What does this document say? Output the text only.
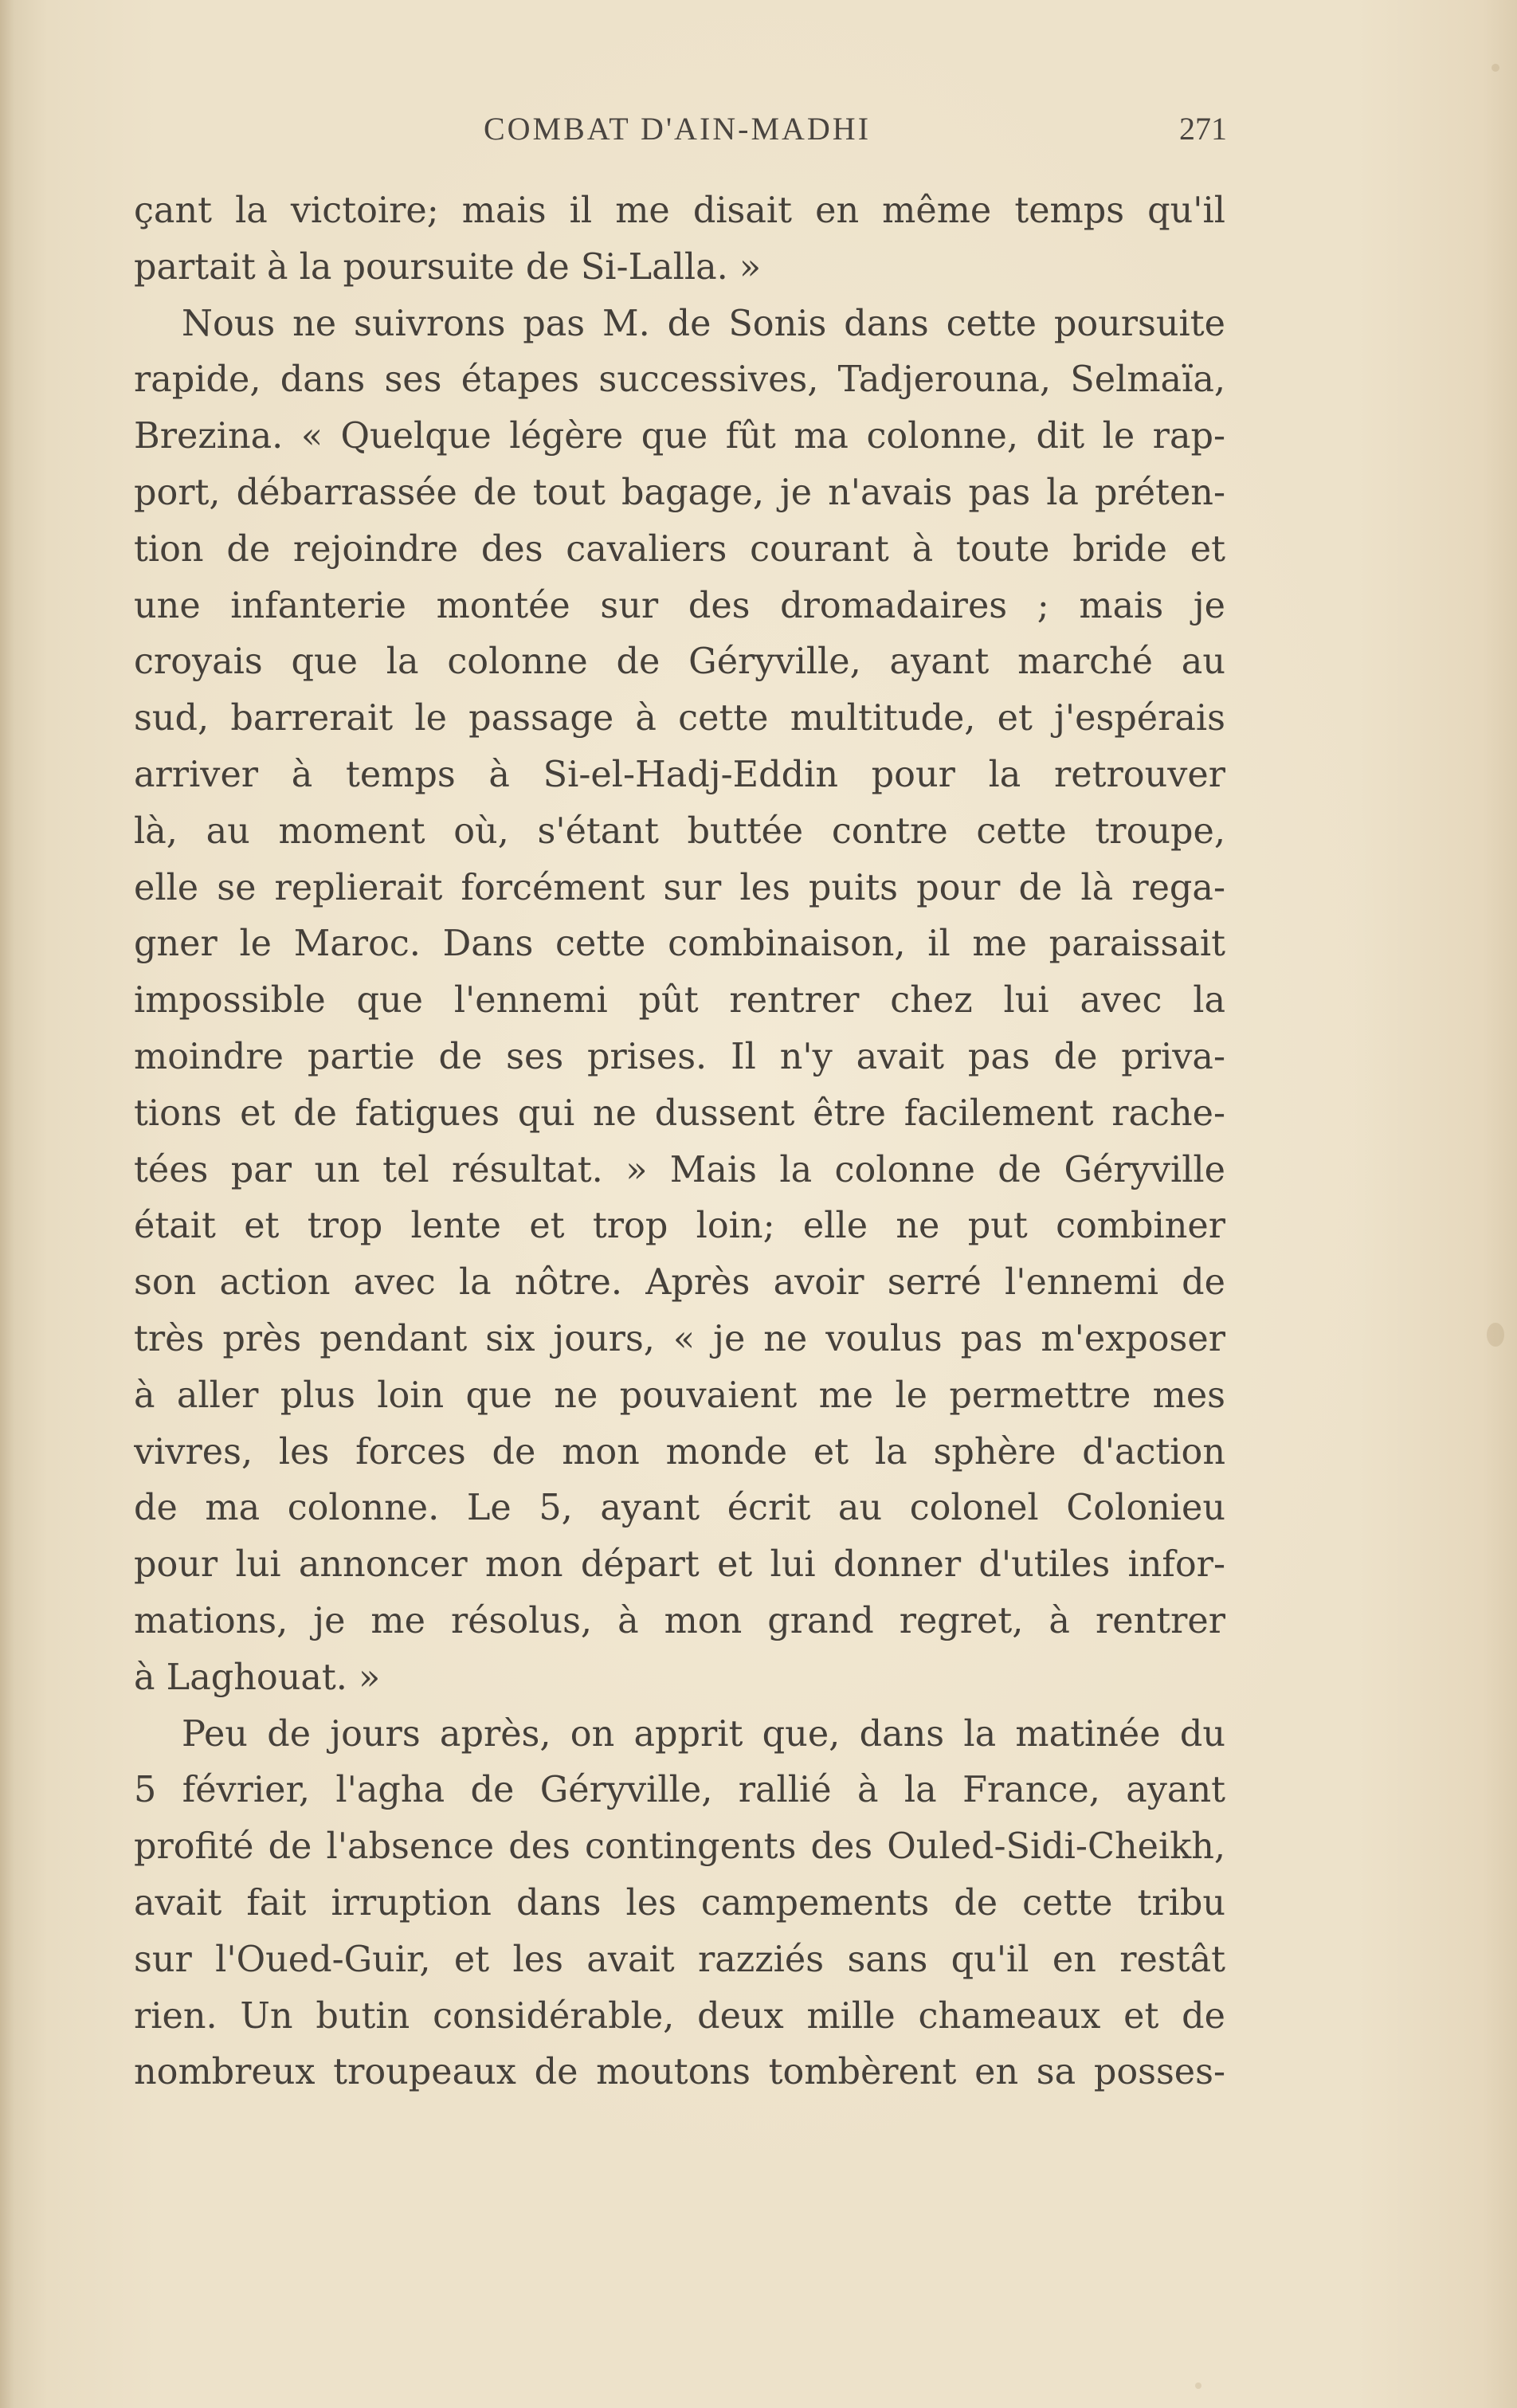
COMBAT D'AIN-MADHI	271
çant la victoire; mais il me disait en même temps qu'il
partait à la poursuite de Si-Lalla. »
Nous ne suivrons pas M. de Sonis dans cette poursuite
rapide, dans ses étapes successives, Tadjerouna, Selmaïa,
Brezina. « Quelque légère que fût ma colonne, dit le rap-
port, débarrassée de tout bagage, je n'avais pas la préten-
tion de rejoindre des cavaliers courant à toute bride et
une infanterie montée sur des dromadaires ; mais je
croyais que la colonne de Géryville, ayant marché au
sud, barrerait le passage à cette multitude, et j'espérais
arriver à temps à Si-el-Hadj-Eddin pour la retrouver
là, au moment où, s'étant buttée contre cette troupe,
elle se replierait forcément sur les puits pour de là rega-
gner le Maroc. Dans cette combinaison, il me paraissait
impossible que l'ennemi pût rentrer chez lui avec la
moindre partie de ses prises. Il n'y avait pas de priva-
tions et de fatigues qui ne dussent être facilement rache-
tées par un tel résultat. » Mais la colonne de Géryville
était et trop lente et trop loin; elle ne put combiner
son action avec la nôtre. Après avoir serré l'ennemi de
très près pendant six jours, « je ne voulus pas m'exposer
à aller plus loin que ne pouvaient me le permettre mes
vivres, les forces de mon monde et la sphère d'action
de ma colonne. Le 5, ayant écrit au colonel Colonieu
pour lui annoncer mon départ et lui donner d'utiles infor-
mations, je me résolus, à mon grand regret, à rentrer
à Laghouat. »
Peu de jours après, on apprit que, dans la matinée du
5 février, l'agha de Géryville, rallié à la France, ayant
profité de l'absence des contingents des Ouled-Sidi-Cheikh,
avait fait irruption dans les campements de cette tribu
sur l'Oued-Guir, et les avait razziés sans qu'il en restât
rien. Un butin considérable, deux mille chameaux et de
nombreux troupeaux de moutons tombèrent en sa posses-
